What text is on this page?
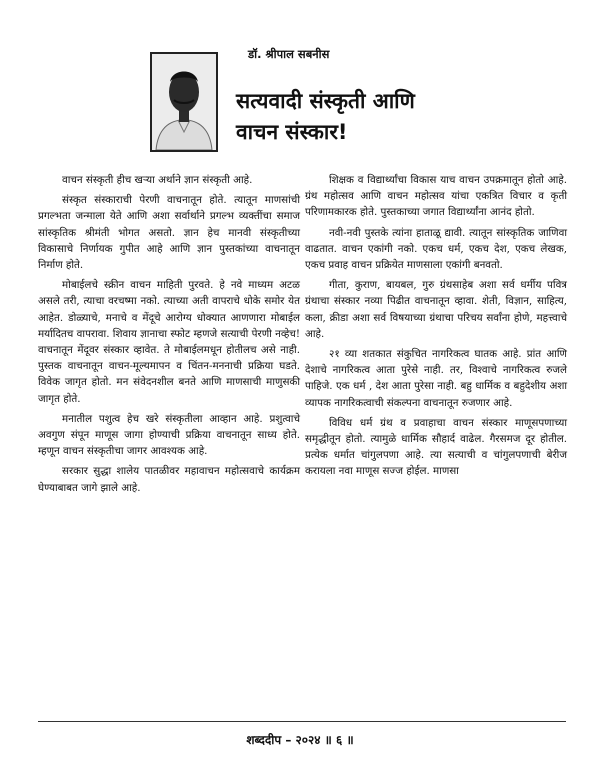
डॉ. श्रीपाल सबनीस

सत्यवादी संस्कृती आणि
वाचन संस्कार!

वाचन संस्कृती हीच खऱ्या अर्थाने ज्ञान संस्कृती आहे.

संस्कृत संस्काराची पेरणी वाचनातून होते. त्यातून माणसांची प्रगल्भता जन्माला येते आणि अशा सर्वार्थाने प्रगल्भ व्यक्तींचा समाज सांस्कृतिक श्रीमंती भोगत असतो. ज्ञान हेच मानवी संस्कृतीच्या विकासाचे निर्णायक गुपीत आहे आणि ज्ञान पुस्तकांच्या वाचनातून निर्माण होते.

मोबाईलचे स्क्रीन वाचन माहिती पुरवते. हे नवे माध्यम अटळ असले तरी, त्याचा वरचष्मा नको. त्याच्या अती वापराचे धोके समोर येत आहेत. डोळ्याचे, मनाचे व मेंदूचे आरोग्य धोक्यात आणणारा मोबाईल मर्यादितच वापरावा. शिवाय ज्ञानाचा स्फोट म्हणजे सत्याची पेरणी नव्हेच! वाचनातून मेंदूवर संस्कार व्हावेत. ते मोबाईलमधून होतीलच असे नाही. पुस्तक वाचनातून वाचन-मूल्यमापन व चिंतन-मननाची प्रक्रिया घडते. विवेक जागृत होतो. मन संवेदनशील बनते आणि माणसाची माणुसकी जागृत होते.

मनातील पशुत्व हेच खरे संस्कृतीला आव्हान आहे. प्रशुत्वाचे अवगुण संपून माणूस जागा होण्याची प्रक्रिया वाचनातून साध्य होते. म्हणून वाचन संस्कृतीचा जागर आवश्यक आहे.

सरकार सुद्धा शालेय पातळीवर महावाचन महोत्सवाचे कार्यक्रम घेण्याबाबत जागे झाले आहे.

शिक्षक व विद्यार्थ्यांचा विकास याच वाचन उपक्रमातून होतो आहे. ग्रंथ महोत्सव आणि वाचन महोत्सव यांचा एकत्रित विचार व कृती परिणामकारक होते. पुस्तकाच्या जगात विद्यार्थ्यांना आनंद होतो.

नवी-नवी पुस्तके त्यांना हाताळू द्यावी. त्यातून सांस्कृतिक जाणिवा वाढतात. वाचन एकांगी नको. एकच धर्म, एकच देश, एकच लेखक, एकच प्रवाह वाचन प्रक्रियेत माणसाला एकांगी बनवतो.

गीता, कुराण, बायबल, गुरु ग्रंथसाहेब अशा सर्व धर्मीय पवित्र ग्रंथाचा संस्कार नव्या पिढीत वाचनातून व्हावा. शेती, विज्ञान, साहित्य, कला, क्रीडा अशा सर्व विषयाच्या ग्रंथाचा परिचय सर्वांना होणे, महत्त्वाचे आहे.

२१ व्या शतकात संकुचित नागरिकत्व घातक आहे. प्रांत आणि देशाचे नागरिकत्व आता पुरेसे नाही. तर, विश्वाचे नागरिकत्व रुजले पाहिजे. एक धर्म , देश आता पुरेसा नाही. बहु धार्मिक व बहुदेशीय अशा व्यापक नागरिकत्वाची संकल्पना वाचनातून रुजणार आहे.

विविध धर्म ग्रंथ व प्रवाहाचा वाचन संस्कार माणूसपणाच्या समृद्धीतून होतो. त्यामुळे धार्मिक सौहार्द वाढेल. गैरसमज दूर होतील. प्रत्येक धर्मात चांगुलपणा आहे. त्या सत्याची व चांगुलपणाची बेरीज करायला नवा माणूस सज्ज होईल. माणसा

शब्ददीप – २०२४ ॥ ६ ॥
